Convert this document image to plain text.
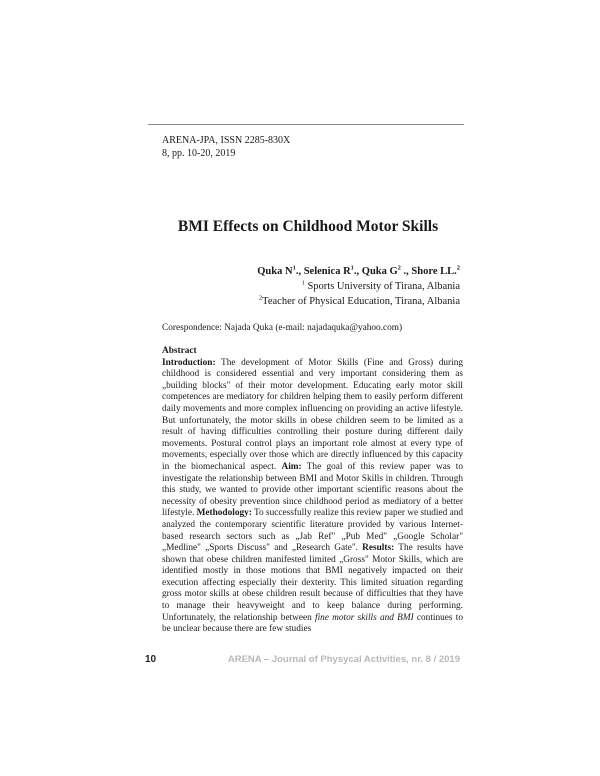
ARENA-JPA, ISSN 2285-830X
8, pp. 10-20, 2019
BMI Effects on Childhood Motor Skills
Quka $N^1$., Selenica $R^1$., Quka $G^2$ ., Shore LL.$^2$
$^1$ Sports University of Tirana, Albania
$^2$Teacher of Physical Education, Tirana, Albania
Corespondence: Najada Quka (e-mail: najadaquka@yahoo.com)
Abstract

Introduction: The development of Motor Skills (Fine and Gross) during childhood is considered essential and very important considering them as „building blocks" of their motor development. Educating early motor skill competences are mediatory for children helping them to easily perform different daily movements and more complex influencing on providing an active lifestyle. But unfortunately, the motor skills in obese children seem to be limited as a result of having difficulties controlling their posture during different daily movements. Postural control plays an important role almost at every type of movements, especially over those which are directly influenced by this capacity in the biomechanical aspect. Aim: The goal of this review paper was to investigate the relationship between BMI and Motor Skills in children. Through this study, we wanted to provide other important scientific reasons about the necessity of obesity prevention since childhood period as mediatory of a better lifestyle. Methodology: To successfully realize this review paper we studied and analyzed the contemporary scientific literature provided by various Internet-based research sectors such as „Jab Ref" „Pub Med" „Google Scholar" „Medline" „Sports Discuss" and „Research Gate". Results: The results have shown that obese children manifested limited „Gross" Motor Skills, which are identified mostly in those motions that BMI negatively impacted on their execution affecting especially their dexterity. This limited situation regarding gross motor skills at obese children result because of difficulties that they have to manage their heavyweight and to keep balance during performing. Unfortunately, the relationship between fine motor skills and BMI continues to be unclear because there are few studies

10	ARENA – Journal of Physycal Activities, nr. 8 / 2019
